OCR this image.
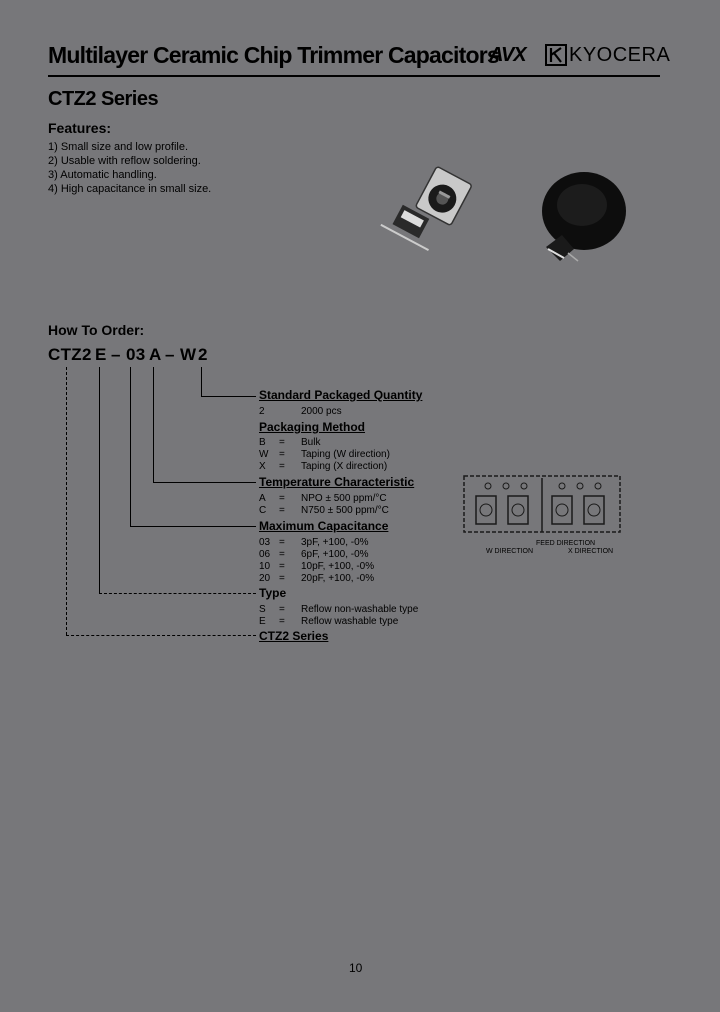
Multilayer Ceramic Chip Trimmer Capacitors
AVX KYOCERA
CTZ2 Series
Features:
1) Small size and low profile.
2) Usable with reflow soldering.
3) Automatic handling.
4) High capacitance in small size.
How To Order:
CTZ2 E – 03 A – W 2
Standard Packaged Quantity
2	2000 pcs
Packaging Method
B = Bulk
W = Taping (W direction)
X = Taping (X direction)
Temperature Characteristic
A = NPO ± 500 ppm/°C
C = N750 ± 500 ppm/°C
Maximum Capacitance
03 = 3pF, +100, -0%
06 = 6pF, +100, -0%
10 = 10pF, +100, -0%
20 = 20pF, +100, -0%
Type
S = Reflow non-washable type
E = Reflow washable type
CTZ2 Series
FEED DIRECTION
W DIRECTION	X DIRECTION
10
